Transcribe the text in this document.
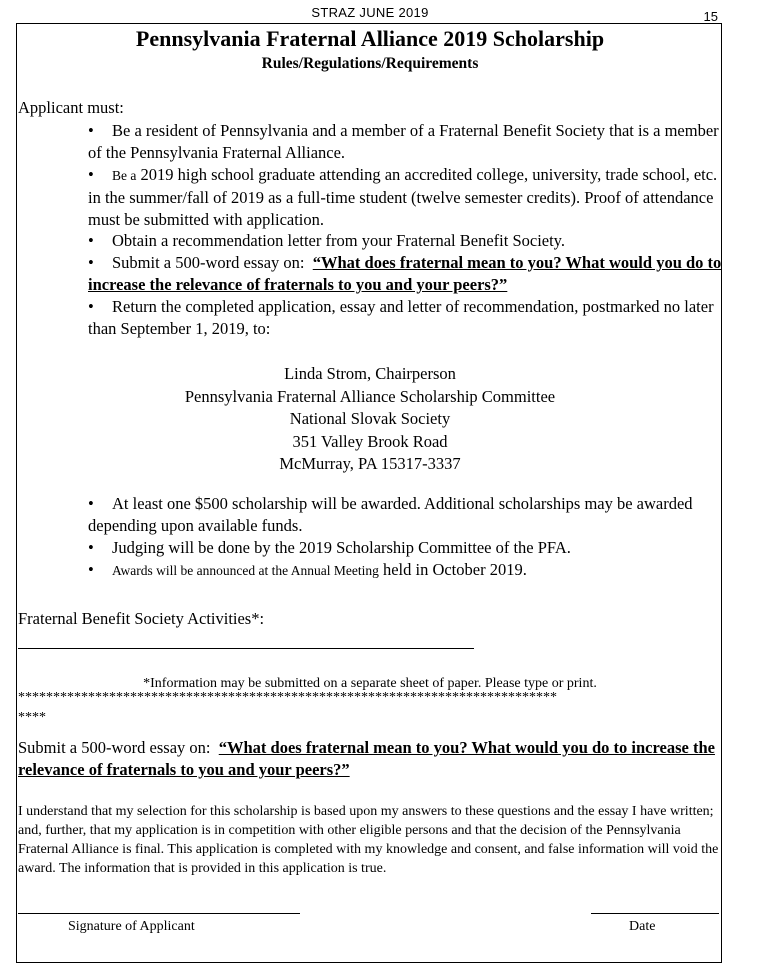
STRAZ JUNE 2019	15
Pennsylvania Fraternal Alliance 2019 Scholarship
Rules/Regulations/Requirements
Applicant must:
• Be a resident of Pennsylvania and a member of a Fraternal Benefit Society that is a member of the Pennsylvania Fraternal Alliance.
• Be a 2019 high school graduate attending an accredited college, university, trade school, etc. in the summer/fall of 2019 as a full-time student (twelve semester credits). Proof of attendance must be submitted with application.
• Obtain a recommendation letter from your Fraternal Benefit Society.
• Submit a 500-word essay on: “What does fraternal mean to you? What would you do to increase the relevance of fraternals to you and your peers?”
• Return the completed application, essay and letter of recommendation, postmarked no later than September 1, 2019, to:
Linda Strom, Chairperson
Pennsylvania Fraternal Alliance Scholarship Committee
National Slovak Society
351 Valley Brook Road
McMurray, PA 15317-3337
• At least one $500 scholarship will be awarded. Additional scholarships may be awarded depending upon available funds.
• Judging will be done by the 2019 Scholarship Committee of the PFA.
• Awards will be announced at the Annual Meeting held in October 2019.
Fraternal Benefit Society Activities*:
*Information may be submitted on a separate sheet of paper. Please type or print.
*****************************************************************************
****
Submit a 500-word essay on: “What does fraternal mean to you? What would you do to increase the relevance of fraternals to you and your peers?”
I understand that my selection for this scholarship is based upon my answers to these questions and the essay I have written; and, further, that my application is in competition with other eligible persons and that the decision of the Pennsylvania Fraternal Alliance is final. This application is completed with my knowledge and consent, and false information will void the award. The information that is provided in this application is true.
Signature of Applicant	Date
